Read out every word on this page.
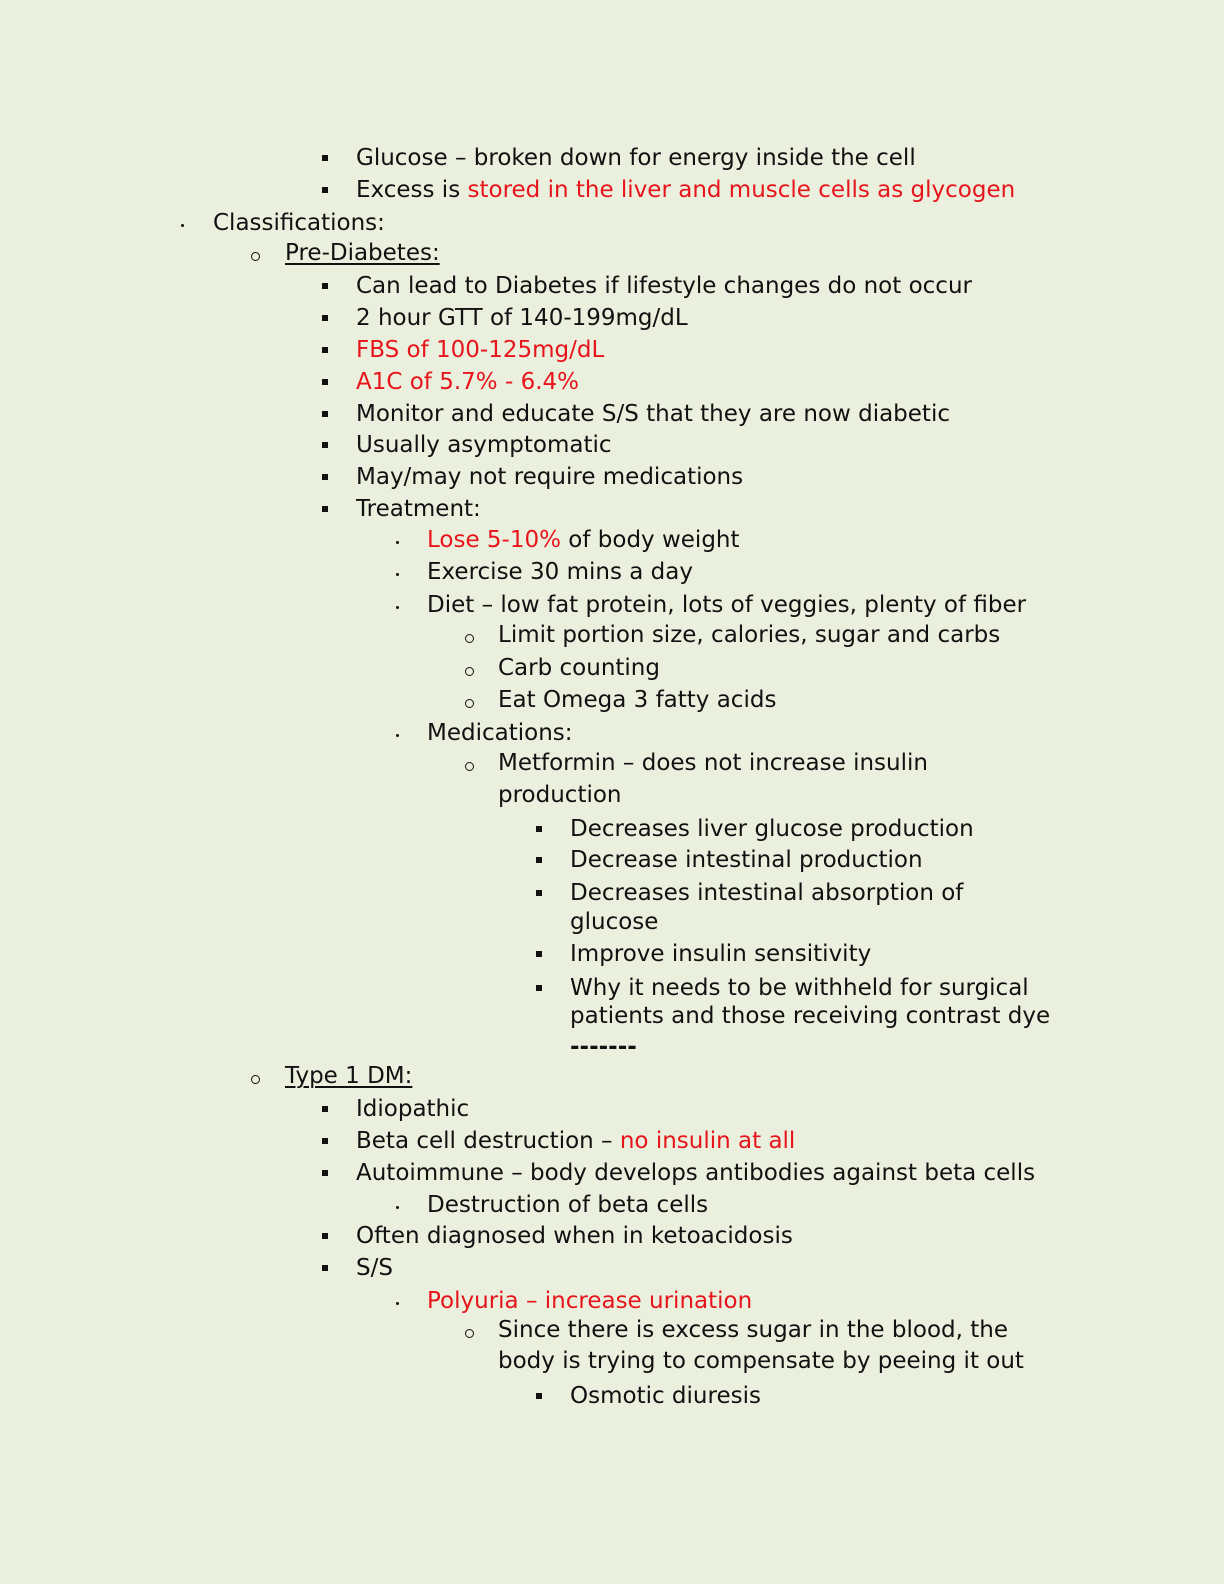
Glucose – broken down for energy inside the cell
Excess is stored in the liver and muscle cells as glycogen
Classifications:
Pre-Diabetes:
Can lead to Diabetes if lifestyle changes do not occur
2 hour GTT of 140-199mg/dL
FBS of 100-125mg/dL
A1C of 5.7% - 6.4%
Monitor and educate S/S that they are now diabetic
Usually asymptomatic
May/may not require medications
Treatment:
Lose 5-10% of body weight
Exercise 30 mins a day
Diet – low fat protein, lots of veggies, plenty of fiber
Limit portion size, calories, sugar and carbs
Carb counting
Eat Omega 3 fatty acids
Medications:
Metformin – does not increase insulin
production
Decreases liver glucose production
Decrease intestinal production
Decreases intestinal absorption of
glucose
Improve insulin sensitivity
Why it needs to be withheld for surgical
patients and those receiving contrast dye
-------
Type 1 DM:
Idiopathic
Beta cell destruction – no insulin at all
Autoimmune – body develops antibodies against beta cells
Destruction of beta cells
Often diagnosed when in ketoacidosis
S/S
Polyuria – increase urination
Since there is excess sugar in the blood, the
body is trying to compensate by peeing it out
Osmotic diuresis
